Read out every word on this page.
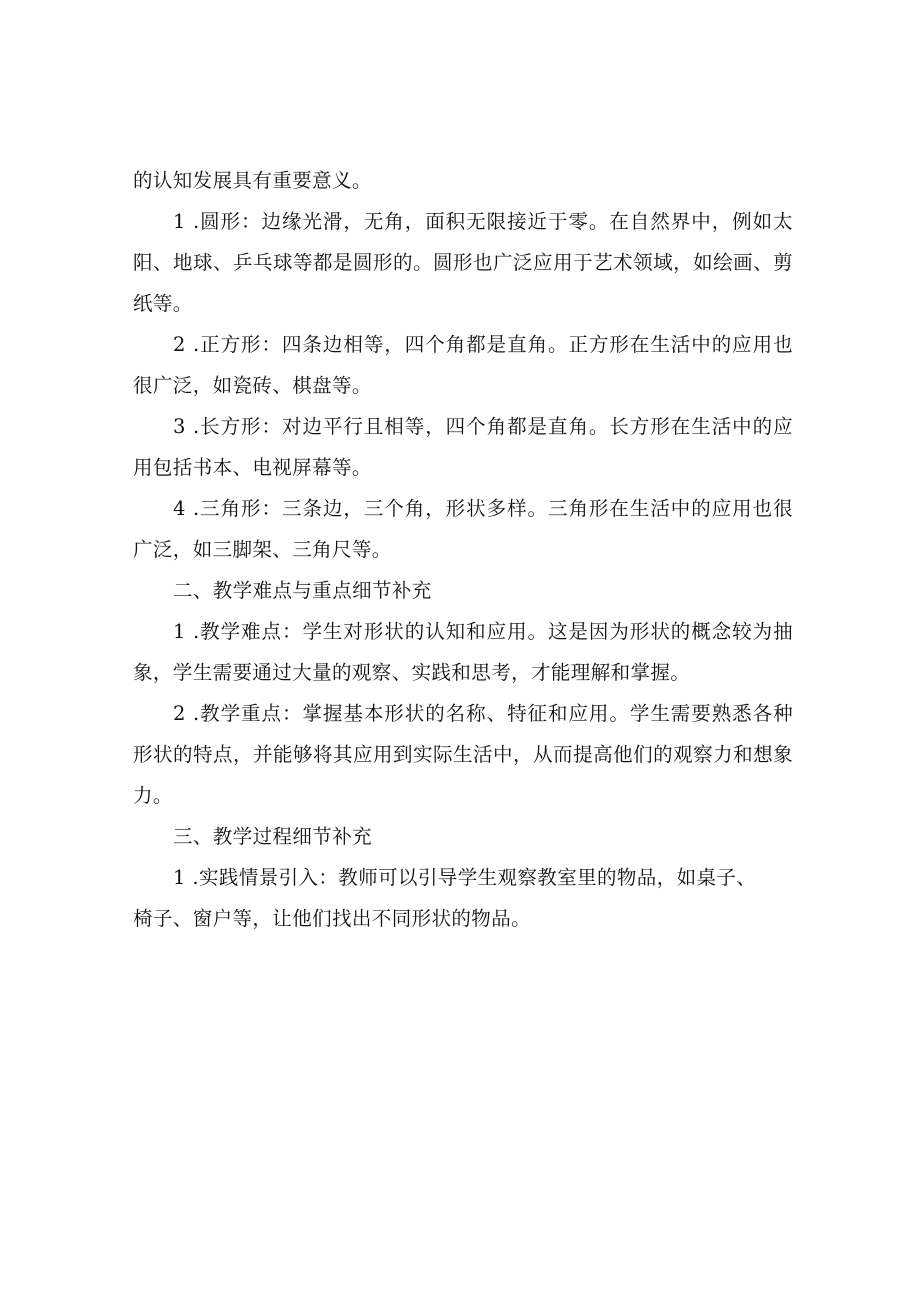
的认知发展具有重要意义。

1 .圆形：边缘光滑，无角，面积无限接近于零。在自然界中，例如太阳、地球、乒乓球等都是圆形的。圆形也广泛应用于艺术领域，如绘画、剪纸等。

2 .正方形：四条边相等，四个角都是直角。正方形在生活中的应用也很广泛，如瓷砖、棋盘等。

3 .长方形：对边平行且相等，四个角都是直角。长方形在生活中的应用包括书本、电视屏幕等。

4 .三角形：三条边，三个角，形状多样。三角形在生活中的应用也很广泛，如三脚架、三角尺等。

二、教学难点与重点细节补充

1 .教学难点：学生对形状的认知和应用。这是因为形状的概念较为抽象，学生需要通过大量的观察、实践和思考，才能理解和掌握。

2 .教学重点：掌握基本形状的名称、特征和应用。学生需要熟悉各种形状的特点，并能够将其应用到实际生活中，从而提高他们的观察力和想象力。

三、教学过程细节补充

1 .实践情景引入：教师可以引导学生观察教室里的物品，如桌子、

椅子、窗户等，让他们找出不同形状的物品。
